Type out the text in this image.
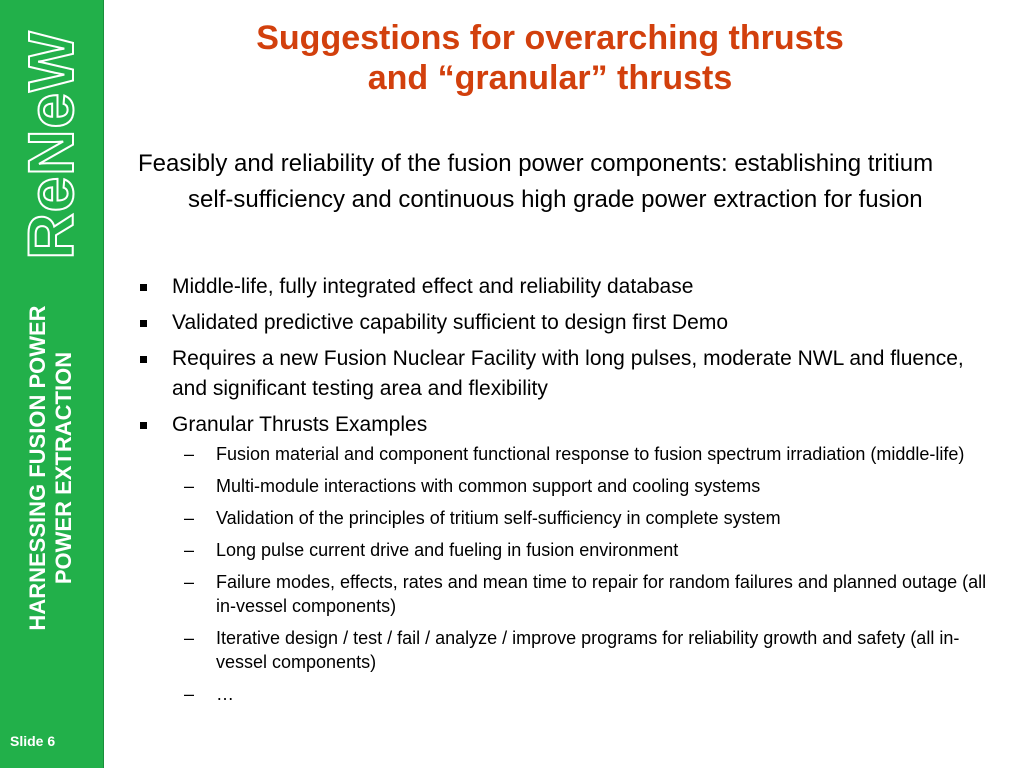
ReNeW
HARNESSING FUSION POWER POWER EXTRACTION
Slide 6
Suggestions for overarching thrusts
and “granular” thrusts
Feasibly and reliability of the fusion power components: establishing tritium self-sufficiency and continuous high grade power extraction for fusion
Middle-life, fully integrated effect and reliability database
Validated predictive capability sufficient to design first Demo
Requires a new Fusion Nuclear Facility with long pulses, moderate NWL and fluence, and significant testing area and flexibility
Granular Thrusts Examples
– Fusion material and component functional response to fusion spectrum irradiation (middle-life)
– Multi-module interactions with common support and cooling systems
– Validation of the principles of tritium self-sufficiency in complete system
– Long pulse current drive and fueling in fusion environment
– Failure modes, effects, rates and mean time to repair for random failures and planned outage (all in-vessel components)
– Iterative design / test / fail / analyze / improve programs for reliability growth and safety (all in-vessel components)
– …
